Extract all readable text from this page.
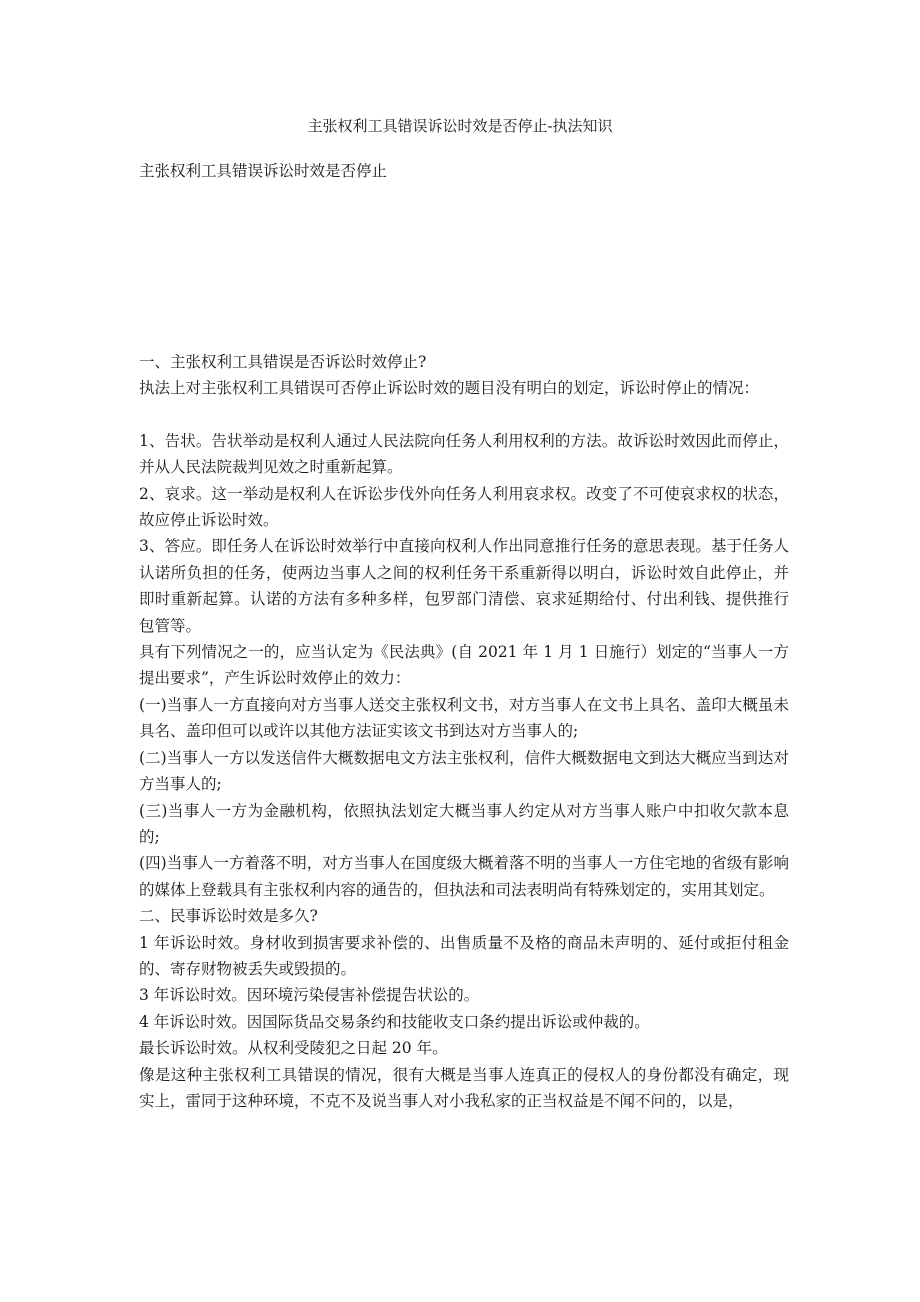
主张权利工具错误诉讼时效是否停止-执法知识
主张权利工具错误诉讼时效是否停止

一、主张权利工具错误是否诉讼时效停止?

执法上对主张权利工具错误可否停止诉讼时效的题目没有明白的划定，诉讼时停止的情况：

1、告状。告状举动是权利人通过人民法院向任务人利用权利的方法。故诉讼时效因此而停止，并从人民法院裁判见效之时重新起算。

2、哀求。这一举动是权利人在诉讼步伐外向任务人利用哀求权。改变了不可使哀求权的状态，故应停止诉讼时效。

3、答应。即任务人在诉讼时效举行中直接向权利人作出同意推行任务的意思表现。基于任务人认诺所负担的任务，使两边当事人之间的权利任务干系重新得以明白，诉讼时效自此停止，并即时重新起算。认诺的方法有多种多样，包罗部门清偿、哀求延期给付、付出利钱、提供推行包管等。

具有下列情况之一的，应当认定为《民法典》(自 2021 年 1 月 1 日施行）划定的“当事人一方提出要求”，产生诉讼时效停止的效力：

(一)当事人一方直接向对方当事人送交主张权利文书，对方当事人在文书上具名、盖印大概虽未具名、盖印但可以或许以其他方法证实该文书到达对方当事人的;

(二)当事人一方以发送信件大概数据电文方法主张权利，信件大概数据电文到达大概应当到达对方当事人的;

(三)当事人一方为金融机构，依照执法划定大概当事人约定从对方当事人账户中扣收欠款本息的;

(四)当事人一方着落不明，对方当事人在国度级大概着落不明的当事人一方住宅地的省级有影响的媒体上登载具有主张权利内容的通告的，但执法和司法表明尚有特殊划定的，实用其划定。

二、民事诉讼时效是多久?

1 年诉讼时效。身材收到损害要求补偿的、出售质量不及格的商品未声明的、延付或拒付租金的、寄存财物被丢失或毁损的。

3 年诉讼时效。因环境污染侵害补偿提告状讼的。

4 年诉讼时效。因国际货品交易条约和技能收支口条约提出诉讼或仲裁的。

最长诉讼时效。从权利受陵犯之日起 20 年。

像是这种主张权利工具错误的情况，很有大概是当事人连真正的侵权人的身份都没有确定，现实上，雷同于这种环境，不克不及说当事人对小我私家的正当权益是不闻不问的，以是，
